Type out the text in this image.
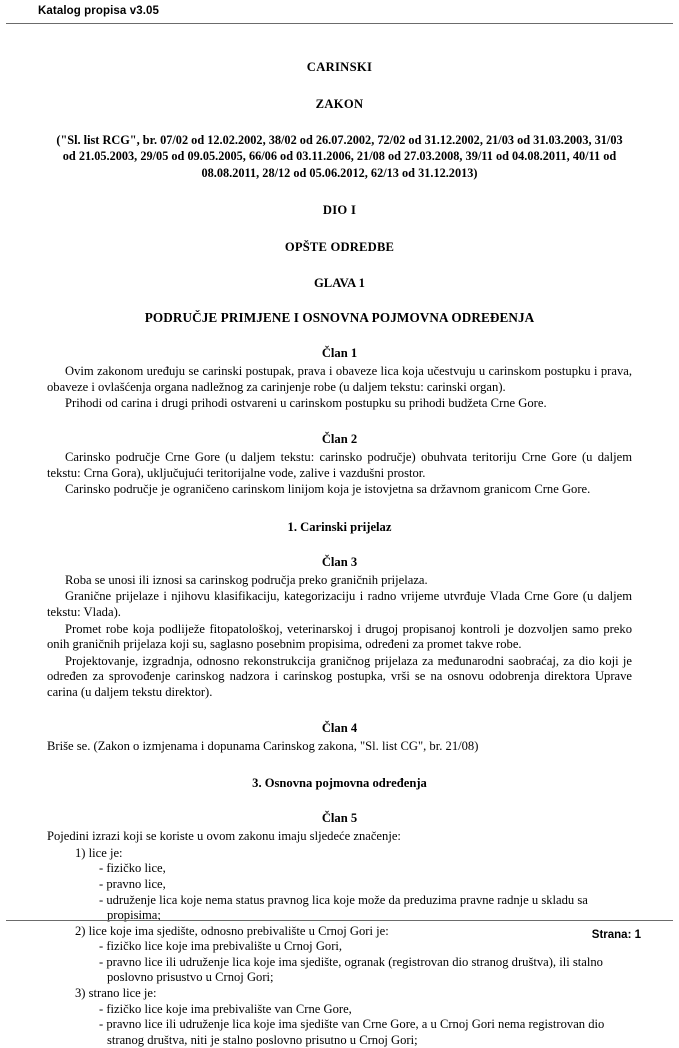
Katalog propisa v3.05
CARINSKI
ZAKON
("Sl. list RCG", br. 07/02 od 12.02.2002, 38/02 od 26.07.2002, 72/02 od 31.12.2002, 21/03 od 31.03.2003, 31/03 od 21.05.2003, 29/05 od 09.05.2005, 66/06 od 03.11.2006, 21/08 od 27.03.2008, 39/11 od 04.08.2011, 40/11 od 08.08.2011, 28/12 od 05.06.2012, 62/13 od 31.12.2013)
DIO I
OPŠTE ODREDBE
GLAVA 1
PODRUČJE PRIMJENE I OSNOVNA POJMOVNA ODREĐENJA
Član 1

Ovim zakonom uređuju se carinski postupak, prava i obaveze lica koja učestvuju u carinskom postupku i prava, obaveze i ovlašćenja organa nadležnog za carinjenje robe (u daljem tekstu: carinski organ).

Prihodi od carina i drugi prihodi ostvareni u carinskom postupku su prihodi budžeta Crne Gore.

Član 2

Carinsko područje Crne Gore (u daljem tekstu: carinsko područje) obuhvata teritoriju Crne Gore (u daljem tekstu: Crna Gora), uključujući teritorijalne vode, zalive i vazdušni prostor.

Carinsko područje je ograničeno carinskom linijom koja je istovjetna sa državnom granicom Crne Gore.

1. Carinski prijelaz
Član 3

Roba se unosi ili iznosi sa carinskog područja preko graničnih prijelaza.

Granične prijelaze i njihovu klasifikaciju, kategorizaciju i radno vrijeme utvrđuje Vlada Crne Gore (u daljem tekstu: Vlada).

Promet robe koja podliježe fitopatološkoj, veterinarskoj i drugoj propisanoj kontroli je dozvoljen samo preko onih graničnih prijelaza koji su, saglasno posebnim propisima, određeni za promet takve robe.

Projektovanje, izgradnja, odnosno rekonstrukcija graničnog prijelaza za međunarodni saobraćaj, za dio koji je određen za sprovođenje carinskog nadzora i carinskog postupka, vrši se na osnovu odobrenja direktora Uprave carina (u daljem tekstu direktor).

Član 4

Briše se. (Zakon o izmjenama i dopunama Carinskog zakona, "Sl. list CG", br. 21/08)

3. Osnovna pojmovna određenja
Član 5

Pojedini izrazi koji se koriste u ovom zakonu imaju sljedeće značenje:

1) lice je:
- fizičko lice,
- pravno lice,
- udruženje lica koje nema status pravnog lica koje može da preduzima pravne radnje u skladu sa propisima;
2) lice koje ima sjedište, odnosno prebivalište u Crnoj Gori je:
- fizičko lice koje ima prebivalište u Crnoj Gori,
- pravno lice ili udruženje lica koje ima sjedište, ogranak (registrovan dio stranog društva), ili stalno poslovno prisustvo u Crnoj Gori;
3) strano lice je:
- fizičko lice koje ima prebivalište van Crne Gore,
- pravno lice ili udruženje lica koje ima sjedište van Crne Gore, a u Crnoj Gori nema registrovan dio stranog društva, niti je stalno poslovno prisutno u Crnoj Gori;
Strana: 1
